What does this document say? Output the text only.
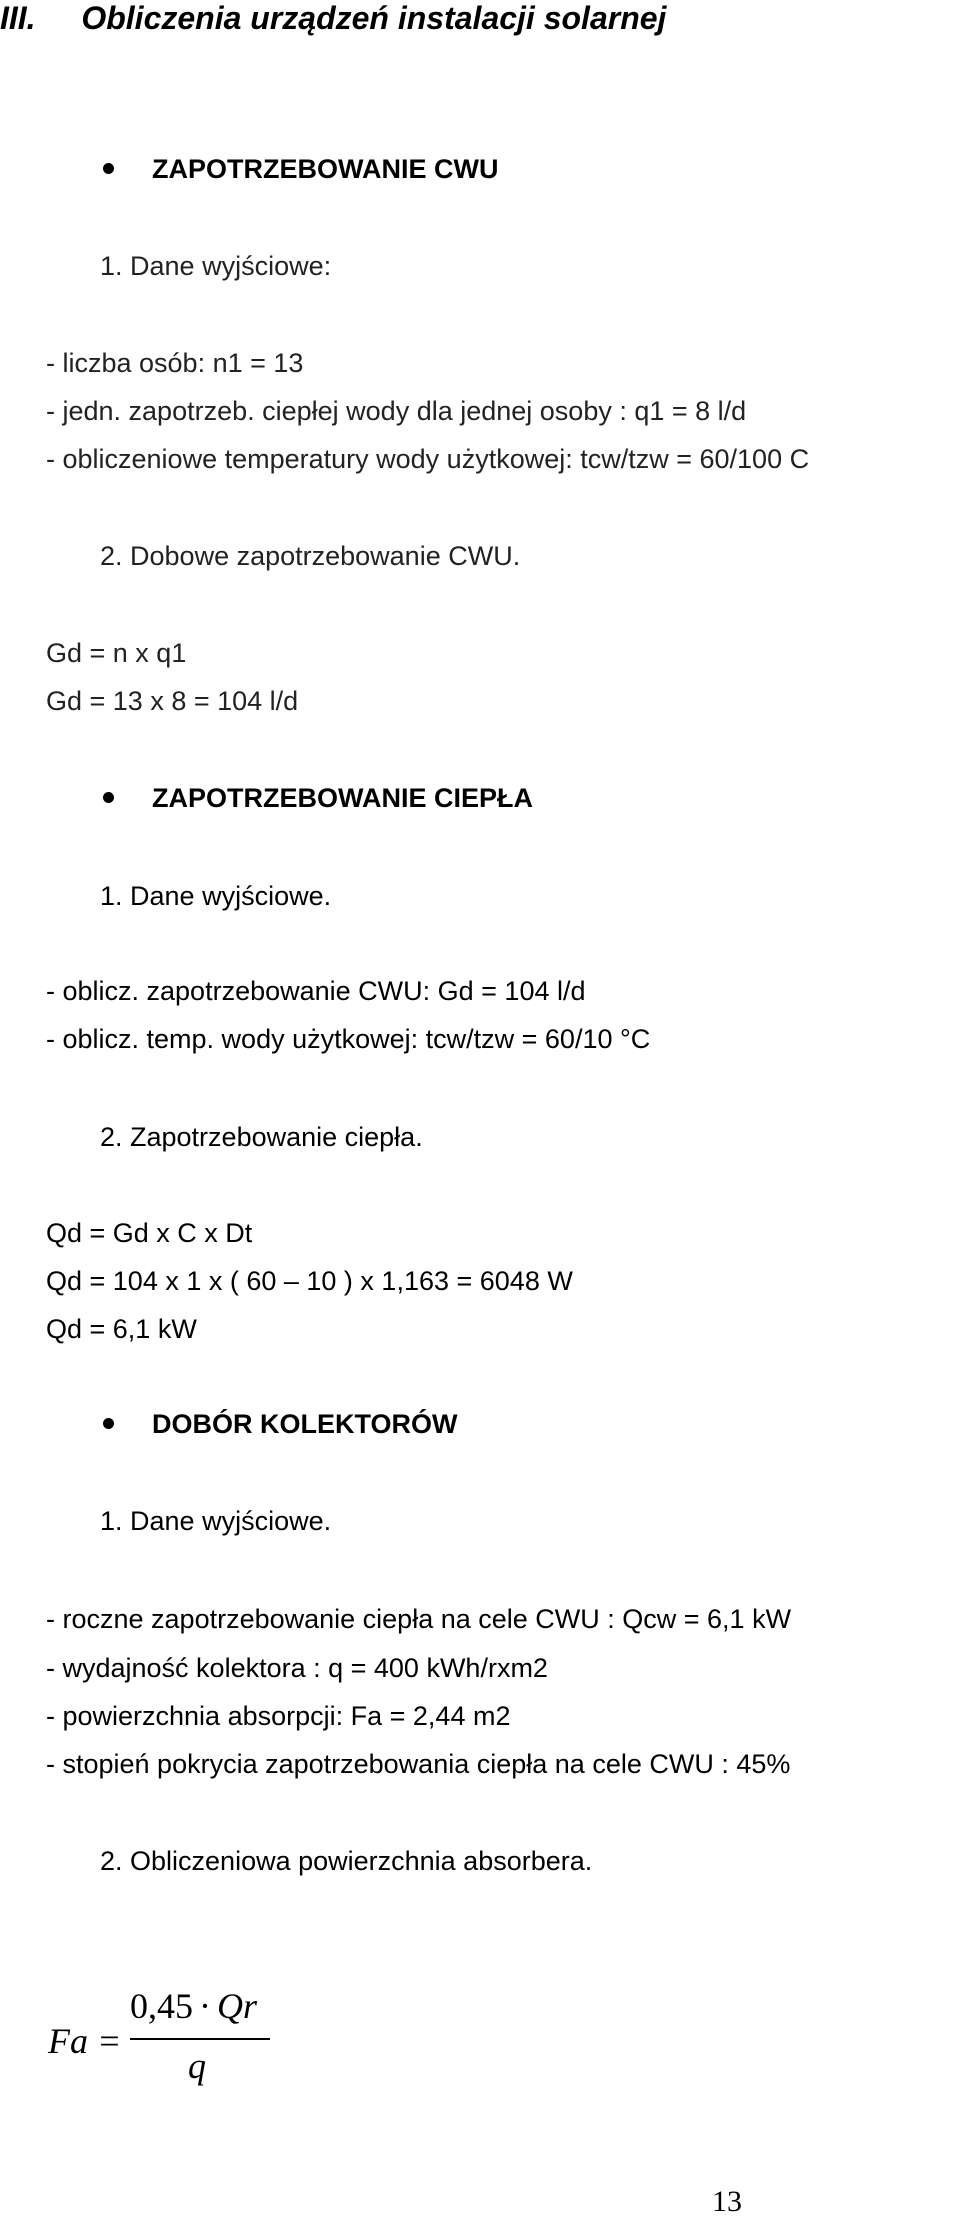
III. Obliczenia urządzeń instalacji solarnej
ZAPOTRZEBOWANIE CWU
1. Dane wyjściowe:
- liczba osób: n1 = 13
- jedn. zapotrzeb. ciepłej wody dla jednej osoby : q1 = 8 l/d
- obliczeniowe temperatury wody użytkowej: tcw/tzw = 60/100 C
2. Dobowe zapotrzebowanie CWU.
Gd = n x q1
Gd = 13 x 8 = 104 l/d
ZAPOTRZEBOWANIE CIEPŁA
1. Dane wyjściowe.
- oblicz. zapotrzebowanie CWU: Gd = 104 l/d
- oblicz. temp. wody użytkowej: tcw/tzw = 60/10 °C
2. Zapotrzebowanie ciepła.
Qd = Gd x C x Dt
Qd = 104 x 1 x ( 60 – 10 ) x 1,163 = 6048 W
Qd = 6,1 kW
DOBÓR KOLEKTORÓW
1. Dane wyjściowe.
- roczne zapotrzebowanie ciepła na cele CWU : Qcw = 6,1 kW
- wydajność kolektora : q = 400 kWh/rxm2
- powierzchnia absorpcji: Fa = 2,44 m2
- stopień pokrycia zapotrzebowania ciepła na cele CWU : 45%
2. Obliczeniowa powierzchnia absorbera.
Fa =
0,45 · Qr
q
13
